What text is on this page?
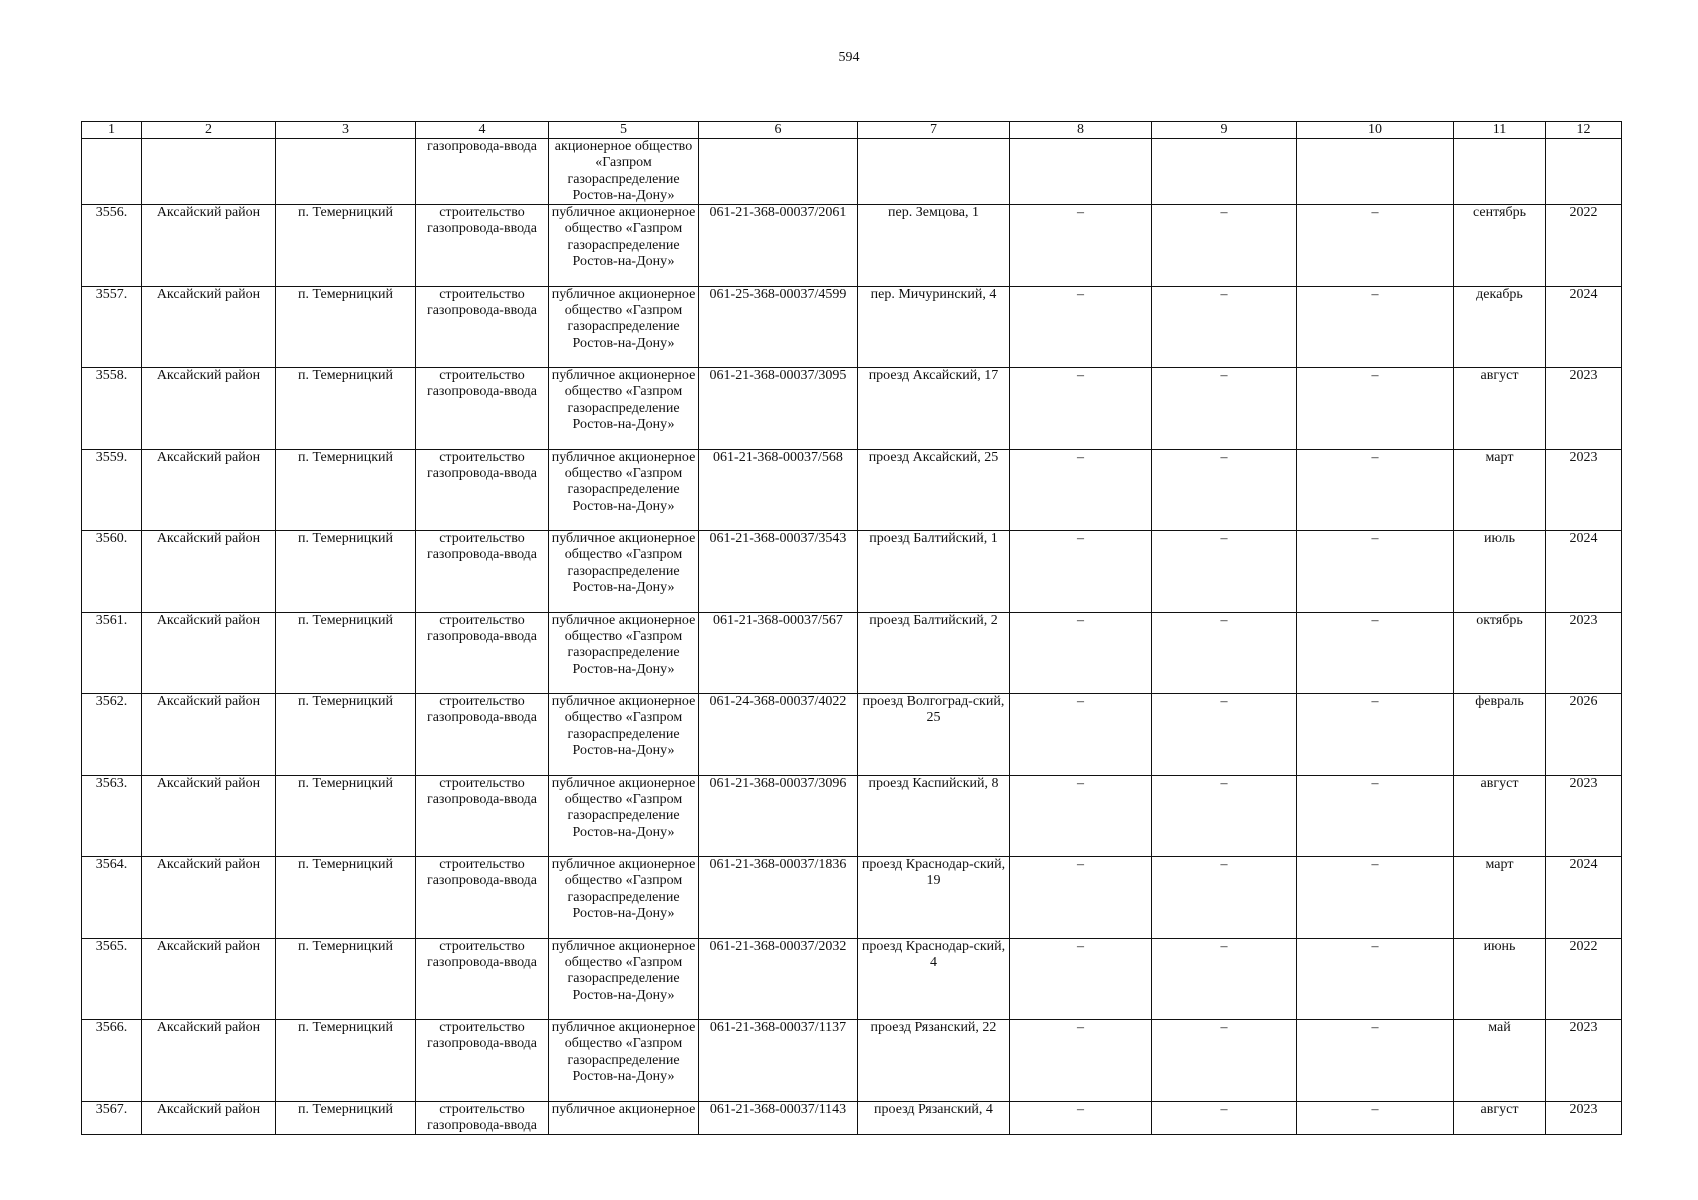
594
1	2	3	4	5	6	7	8	9	10	11	12
			газопровода-ввода	акционерное общество «Газпром газораспределение Ростов-на-Дону»							
3556.	Аксайский район	п. Темерницкий	строительство газопровода-ввода	публичное акционерное общество «Газпром газораспределение Ростов-на-Дону»	061-21-368-00037/2061	пер. Земцова, 1	–	–	–	сентябрь	2022
3557.	Аксайский район	п. Темерницкий	строительство газопровода-ввода	публичное акционерное общество «Газпром газораспределение Ростов-на-Дону»	061-25-368-00037/4599	пер. Мичуринский, 4	–	–	–	декабрь	2024
3558.	Аксайский район	п. Темерницкий	строительство газопровода-ввода	публичное акционерное общество «Газпром газораспределение Ростов-на-Дону»	061-21-368-00037/3095	проезд Аксайский, 17	–	–	–	август	2023
3559.	Аксайский район	п. Темерницкий	строительство газопровода-ввода	публичное акционерное общество «Газпром газораспределение Ростов-на-Дону»	061-21-368-00037/568	проезд Аксайский, 25	–	–	–	март	2023
3560.	Аксайский район	п. Темерницкий	строительство газопровода-ввода	публичное акционерное общество «Газпром газораспределение Ростов-на-Дону»	061-21-368-00037/3543	проезд Балтийский, 1	–	–	–	июль	2024
3561.	Аксайский район	п. Темерницкий	строительство газопровода-ввода	публичное акционерное общество «Газпром газораспределение Ростов-на-Дону»	061-21-368-00037/567	проезд Балтийский, 2	–	–	–	октябрь	2023
3562.	Аксайский район	п. Темерницкий	строительство газопровода-ввода	публичное акционерное общество «Газпром газораспределение Ростов-на-Дону»	061-24-368-00037/4022	проезд Волгоград-ский, 25	–	–	–	февраль	2026
3563.	Аксайский район	п. Темерницкий	строительство газопровода-ввода	публичное акционерное общество «Газпром газораспределение Ростов-на-Дону»	061-21-368-00037/3096	проезд Каспийский, 8	–	–	–	август	2023
3564.	Аксайский район	п. Темерницкий	строительство газопровода-ввода	публичное акционерное общество «Газпром газораспределение Ростов-на-Дону»	061-21-368-00037/1836	проезд Краснодар-ский, 19	–	–	–	март	2024
3565.	Аксайский район	п. Темерницкий	строительство газопровода-ввода	публичное акционерное общество «Газпром газораспределение Ростов-на-Дону»	061-21-368-00037/2032	проезд Краснодар-ский, 4	–	–	–	июнь	2022
3566.	Аксайский район	п. Темерницкий	строительство газопровода-ввода	публичное акционерное общество «Газпром газораспределение Ростов-на-Дону»	061-21-368-00037/1137	проезд Рязанский, 22	–	–	–	май	2023
3567.	Аксайский район	п. Темерницкий	строительство газопровода-ввода	публичное акционерное	061-21-368-00037/1143	проезд Рязанский, 4	–	–	–	август	2023
